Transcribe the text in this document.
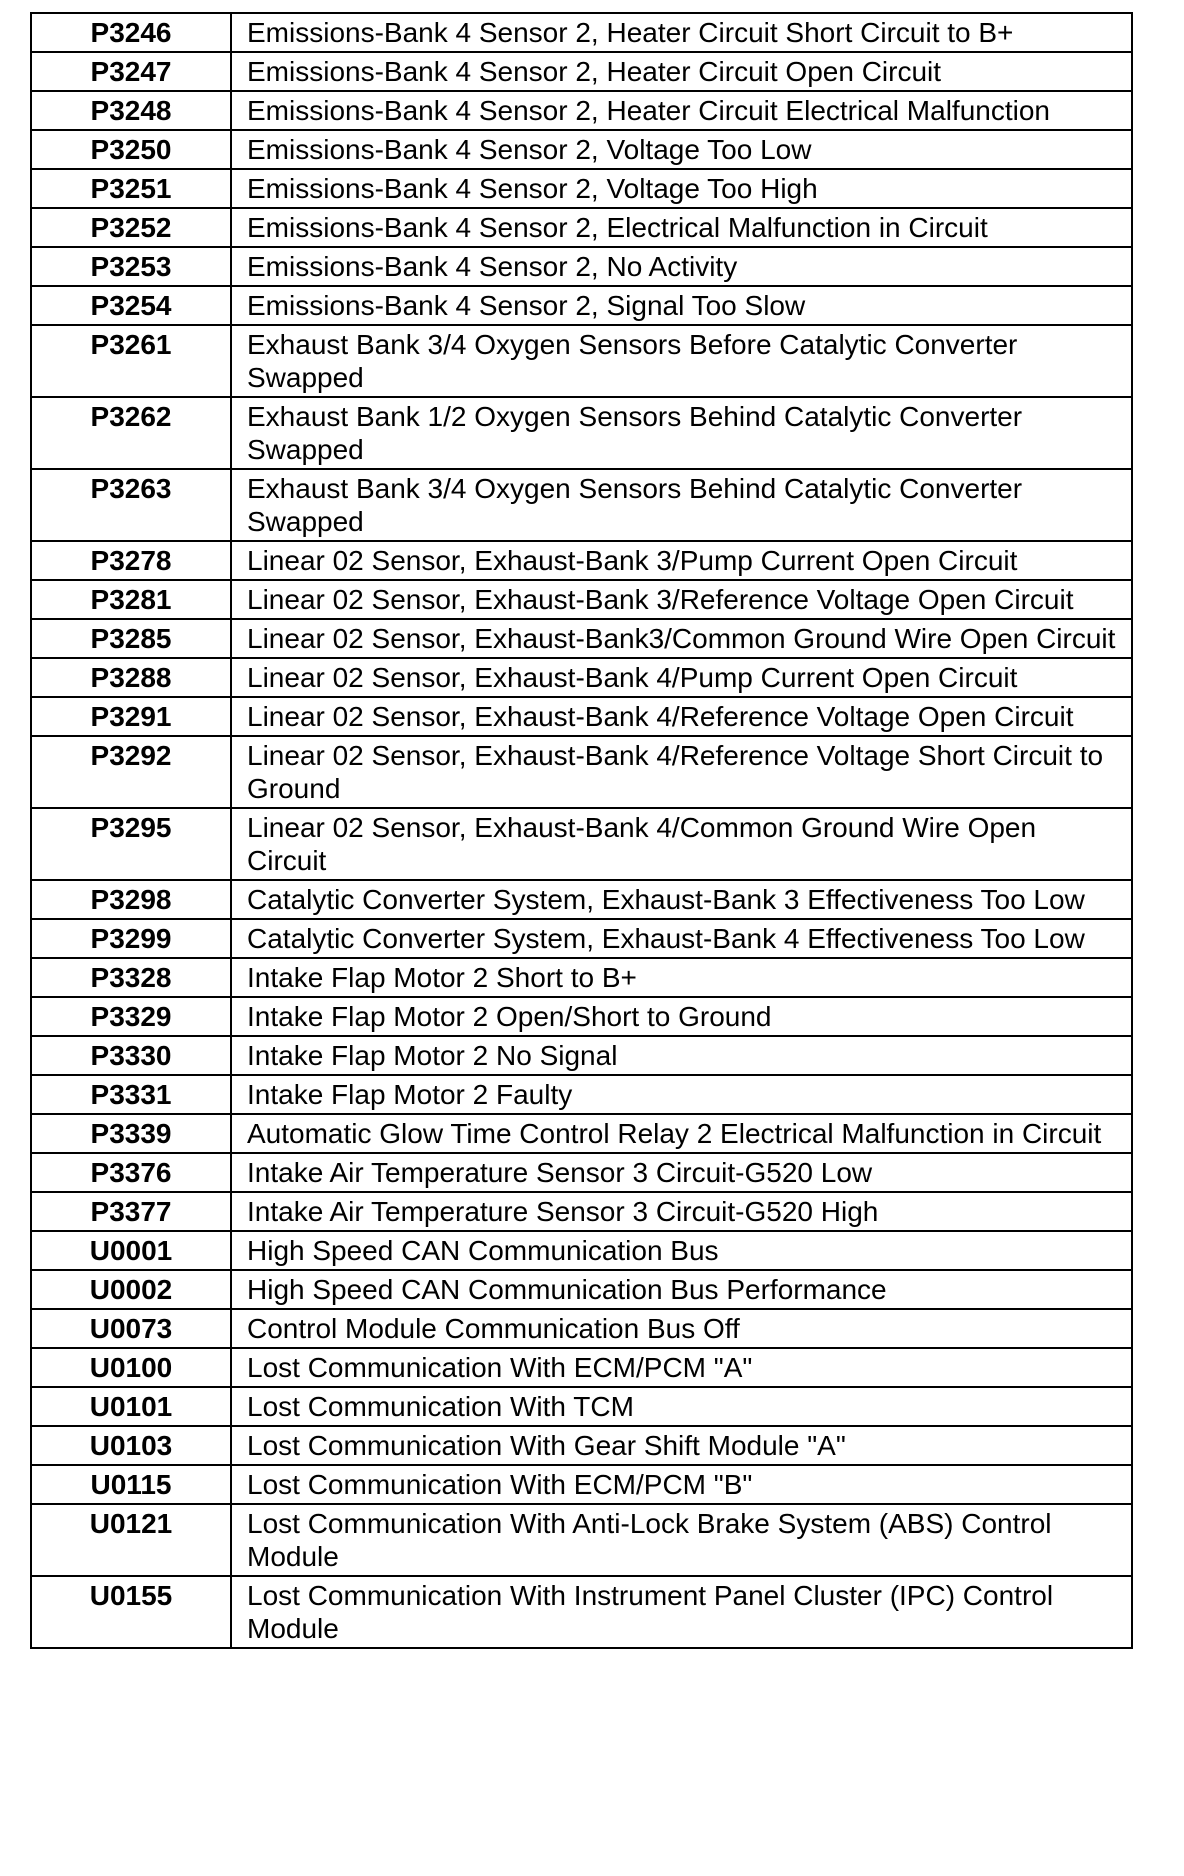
P3246	Emissions-Bank 4 Sensor 2, Heater Circuit Short Circuit to B+
P3247	Emissions-Bank 4 Sensor 2, Heater Circuit Open Circuit
P3248	Emissions-Bank 4 Sensor 2, Heater Circuit Electrical Malfunction
P3250	Emissions-Bank 4 Sensor 2, Voltage Too Low
P3251	Emissions-Bank 4 Sensor 2, Voltage Too High
P3252	Emissions-Bank 4 Sensor 2, Electrical Malfunction in Circuit
P3253	Emissions-Bank 4 Sensor 2, No Activity
P3254	Emissions-Bank 4 Sensor 2, Signal Too Slow
P3261	Exhaust Bank 3/4 Oxygen Sensors Before Catalytic Converter Swapped
P3262	Exhaust Bank 1/2 Oxygen Sensors Behind Catalytic Converter Swapped
P3263	Exhaust Bank 3/4 Oxygen Sensors Behind Catalytic Converter Swapped
P3278	Linear 02 Sensor, Exhaust-Bank 3/Pump Current Open Circuit
P3281	Linear 02 Sensor, Exhaust-Bank 3/Reference Voltage Open Circuit
P3285	Linear 02 Sensor, Exhaust-Bank3/Common Ground Wire Open Circuit
P3288	Linear 02 Sensor, Exhaust-Bank 4/Pump Current Open Circuit
P3291	Linear 02 Sensor, Exhaust-Bank 4/Reference Voltage Open Circuit
P3292	Linear 02 Sensor, Exhaust-Bank 4/Reference Voltage Short Circuit to Ground
P3295	Linear 02 Sensor, Exhaust-Bank 4/Common Ground Wire Open Circuit
P3298	Catalytic Converter System, Exhaust-Bank 3 Effectiveness Too Low
P3299	Catalytic Converter System, Exhaust-Bank 4 Effectiveness Too Low
P3328	Intake Flap Motor 2 Short to B+
P3329	Intake Flap Motor 2 Open/Short to Ground
P3330	Intake Flap Motor 2 No Signal
P3331	Intake Flap Motor 2 Faulty
P3339	Automatic Glow Time Control Relay 2 Electrical Malfunction in Circuit
P3376	Intake Air Temperature Sensor 3 Circuit-G520 Low
P3377	Intake Air Temperature Sensor 3 Circuit-G520 High
U0001	High Speed CAN Communication Bus
U0002	High Speed CAN Communication Bus Performance
U0073	Control Module Communication Bus Off
U0100	Lost Communication With ECM/PCM "A"
U0101	Lost Communication With TCM
U0103	Lost Communication With Gear Shift Module "A"
U0115	Lost Communication With ECM/PCM "B"
U0121	Lost Communication With Anti-Lock Brake System (ABS) Control Module
U0155	Lost Communication With Instrument Panel Cluster (IPC) Control Module
